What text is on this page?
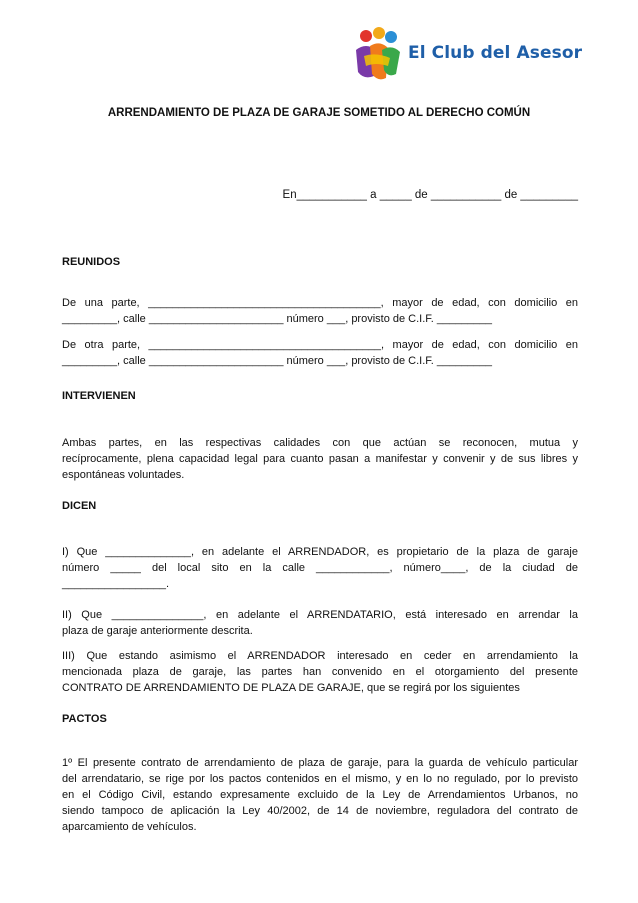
El Club del Asesor
ARRENDAMIENTO DE PLAZA DE GARAJE SOMETIDO AL DERECHO COMÚN
En___________ a _____ de ___________ de _________
REUNIDOS
De una parte, ______________________________________, mayor de edad, con domicilio en
_________, calle ______________________ número ___, provisto de C.I.F. _________
De otra parte, ______________________________________, mayor de edad, con domicilio en
_________, calle ______________________ número ___, provisto de C.I.F. _________
INTERVIENEN
Ambas partes, en las respectivas calidades con que actúan se reconocen, mutua y
recíprocamente, plena capacidad legal para cuanto pasan a manifestar y convenir y de sus libres y
espontáneas voluntades.
DICEN
I) Que ______________, en adelante el ARRENDADOR, es propietario de la plaza de garaje
número _____ del local sito en la calle ____________, número____, de la ciudad de
_________________.
II) Que _______________, en adelante el ARRENDATARIO, está interesado en arrendar la
plaza de garaje anteriormente descrita.
III) Que estando asimismo el ARRENDADOR interesado en ceder en arrendamiento la
mencionada plaza de garaje, las partes han convenido en el otorgamiento del presente
CONTRATO DE ARRENDAMIENTO DE PLAZA DE GARAJE, que se regirá por los siguientes
PACTOS
1º El presente contrato de arrendamiento de plaza de garaje, para la guarda de vehículo particular
del arrendatario, se rige por los pactos contenidos en el mismo, y en lo no regulado, por lo previsto
en el Código Civil, estando expresamente excluido de la Ley de Arrendamientos Urbanos, no
siendo tampoco de aplicación la Ley 40/2002, de 14 de noviembre, reguladora del contrato de
aparcamiento de vehículos.
